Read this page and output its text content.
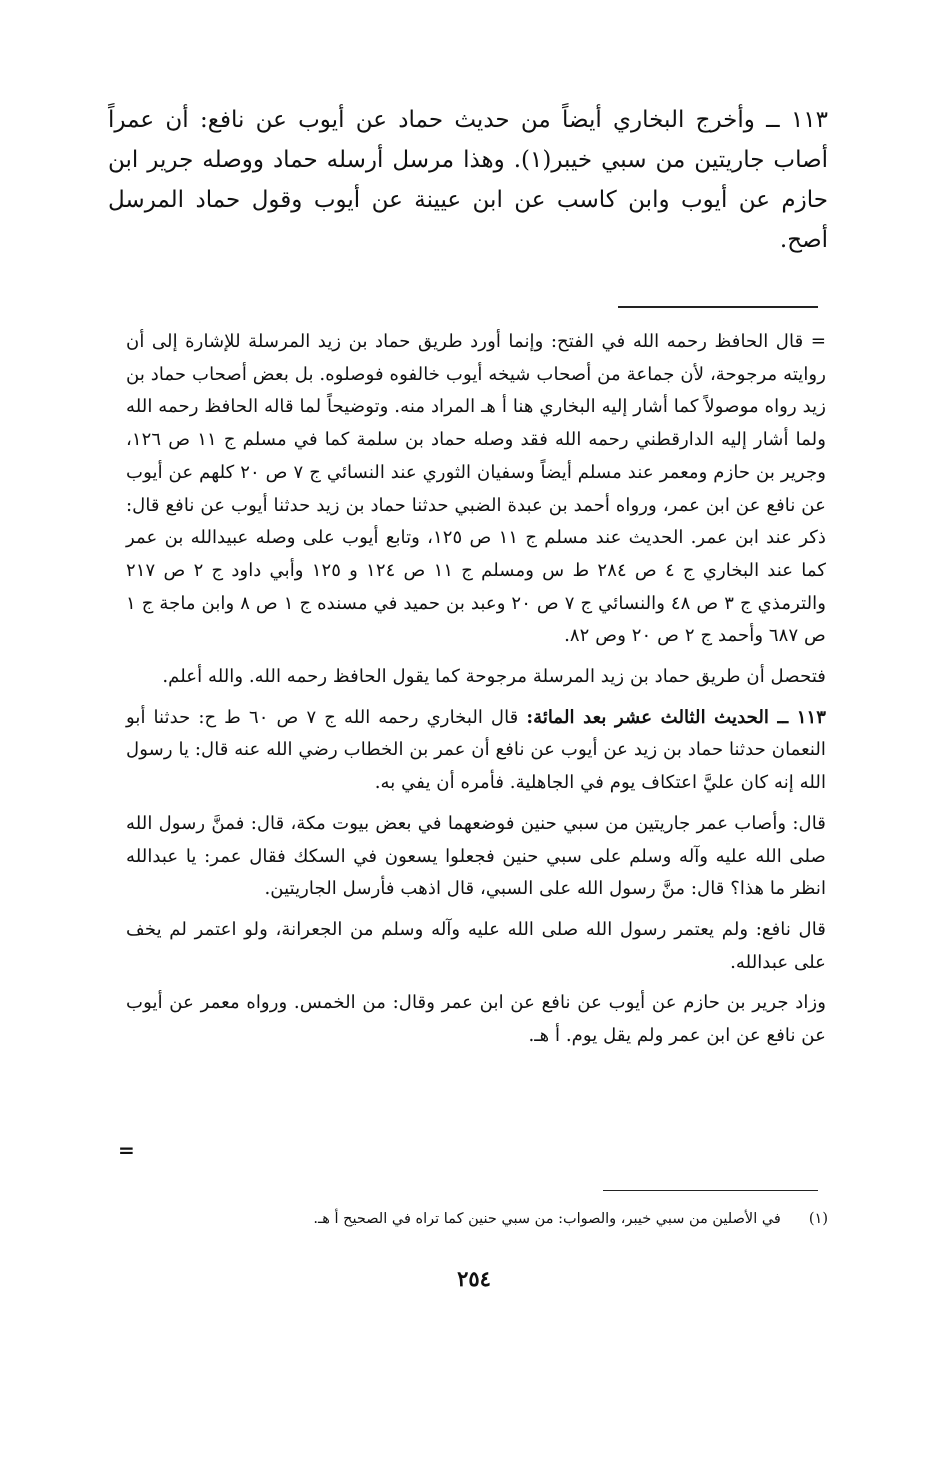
١١٣ ــ وأخرج البخاري أيضاً من حديث حماد عن أيوب عن نافع: أن عمراً أصاب جاريتين من سبي خيبر(١). وهذا مرسل أرسله حماد ووصله جرير ابن حازم عن أيوب وابن كاسب عن ابن عيينة عن أيوب وقول حماد المرسل أصح.

= قال الحافظ رحمه الله في الفتح: وإنما أورد طريق حماد بن زيد المرسلة للإشارة إلى أن روايته مرجوحة، لأن جماعة من أصحاب شيخه أيوب خالفوه فوصلوه. بل بعض أصحاب حماد بن زيد رواه موصولاً كما أشار إليه البخاري هنا أ هـ المراد منه. وتوضيحاً لما قاله الحافظ رحمه الله ولما أشار إليه الدارقطني رحمه الله فقد وصله حماد بن سلمة كما في مسلم ج ١١ ص ١٢٦، وجرير بن حازم ومعمر عند مسلم أيضاً وسفيان الثوري عند النسائي ج ٧ ص ٢٠ كلهم عن أيوب عن نافع عن ابن عمر، ورواه أحمد بن عبدة الضبي حدثنا حماد بن زيد حدثنا أيوب عن نافع قال: ذكر عند ابن عمر. الحديث عند مسلم ج ١١ ص ١٢٥، وتابع أيوب على وصله عبيدالله بن عمر كما عند البخاري ج ٤ ص ٢٨٤ ط س ومسلم ج ١١ ص ١٢٤ و ١٢٥ وأبي داود ج ٢ ص ٢١٧ والترمذي ج ٣ ص ٤٨ والنسائي ج ٧ ص ٢٠ وعبد بن حميد في مسنده ج ١ ص ٨ وابن ماجة ج ١ ص ٦٨٧ وأحمد ج ٢ ص ٢٠ وص ٨٢.

فتحصل أن طريق حماد بن زيد المرسلة مرجوحة كما يقول الحافظ رحمه الله. والله أعلم.

١١٣ ــ الحديث الثالث عشر بعد المائة: قال البخاري رحمه الله ج ٧ ص ٦٠ ط ح: حدثنا أبو النعمان حدثنا حماد بن زيد عن أيوب عن نافع أن عمر بن الخطاب رضي الله عنه قال: يا رسول الله إنه كان عليَّ اعتكاف يوم في الجاهلية. فأمره أن يفي به.

قال: وأصاب عمر جاريتين من سبي حنين فوضعهما في بعض بيوت مكة، قال: فمنَّ رسول الله صلى الله عليه وآله وسلم على سبي حنين فجعلوا يسعون في السكك فقال عمر: يا عبدالله انظر ما هذا؟ قال: منَّ رسول الله على السبي، قال اذهب فأرسل الجاريتين.

قال نافع: ولم يعتمر رسول الله صلى الله عليه وآله وسلم من الجعرانة، ولو اعتمر لم يخف على عبدالله.

وزاد جرير بن حازم عن أيوب عن نافع عن ابن عمر وقال: من الخمس. ورواه معمر عن أيوب عن نافع عن ابن عمر ولم يقل يوم. أ هـ.

=
(١)في الأصلين من سبي خيبر، والصواب: من سبي حنين كما تراه في الصحيح أ هـ.
٢٥٤
